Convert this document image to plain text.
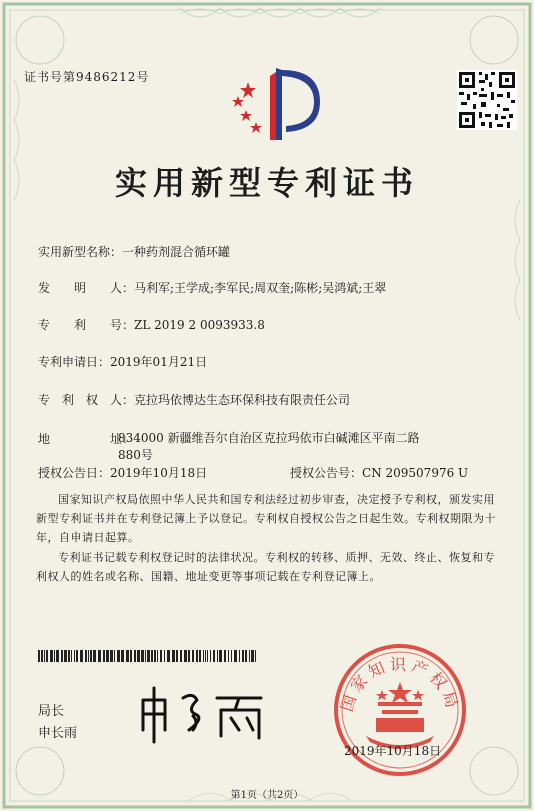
证书号第9486212号
实用新型专利证书
实用新型名称：一种药剂混合循环罐
发　　明　　人：马利军;王学成;李军民;周双奎;陈彬;吴鸿斌;王翠
专　　利　　号：ZL 2019 2 0093933.8
专利申请日：2019年01月21日
专　利　权　人：克拉玛依博达生态环保科技有限责任公司
地　　　　　址：
834000 新疆维吾尔自治区克拉玛依市白碱滩区平南二路880号
授权公告日：2019年10月18日	授权公告号：CN 209507976 U
国家知识产权局依照中华人民共和国专利法经过初步审查，决定授予专利权，颁发实用新型专利证书并在专利登记簿上予以登记。专利权自授权公告之日起生效。专利权期限为十年，自申请日起算。
专利证书记载专利权登记时的法律状况。专利权的转移、质押、无效、终止、恢复和专利权人的姓名或名称、国籍、地址变更等事项记载在专利登记簿上。
局长
申长雨
国家知识产权局
2019年10月18日
第1页（共2页）
